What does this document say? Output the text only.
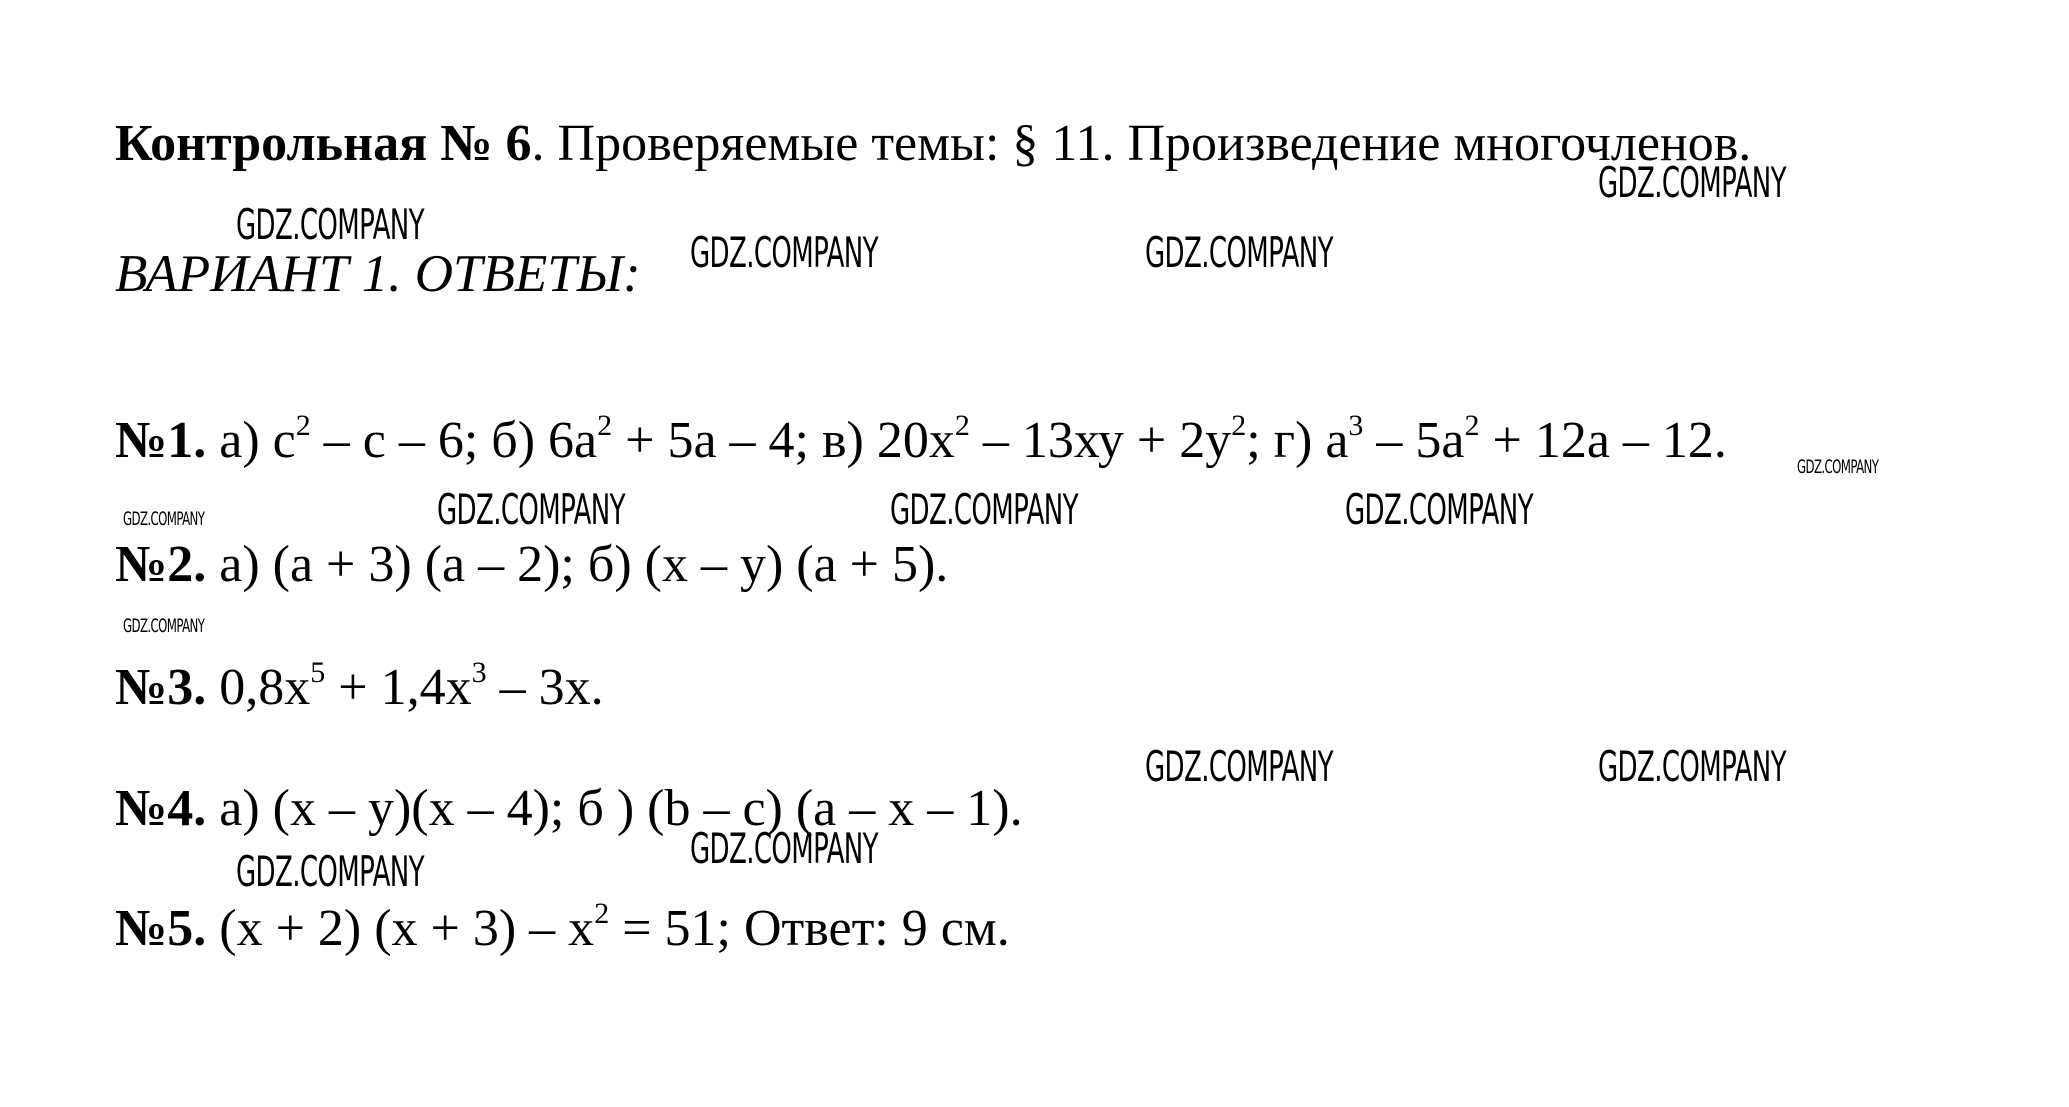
Контрольная № 6. Проверяемые темы: § 11. Произведение многочленов.
ВАРИАНТ 1. ОТВЕТЫ:
№1. а) $с^2$ – с – 6; б) $6а^2 + 5а - 4$; в) $20х^2 - 13ху + 2у^2$; г) $а^3 - 5а^2 + 12а - 12$.
№2. а) (а + 3) (а – 2); б) (х – у) (а + 5).
№3. $0,8х^5 + 1,4х^3 - 3х$.
№4. а) (х – у)(х – 4); б ) (b – с) (а – х – 1).
№5. (х + 2) $(х + 3) - х^2 = 51$; Ответ: 9 см.
GDZ.COMPANY
GDZ.COMPANY
GDZ.COMPANY	GDZ.COMPANY
GDZ.COMPANY
GDZ.COMPANY	GDZ.COMPANY	GDZ.COMPANY	GDZ.COMPANY
GDZ.COMPANY
GDZ.COMPANY	GDZ.COMPANY
GDZ.COMPANY
GDZ.COMPANY
